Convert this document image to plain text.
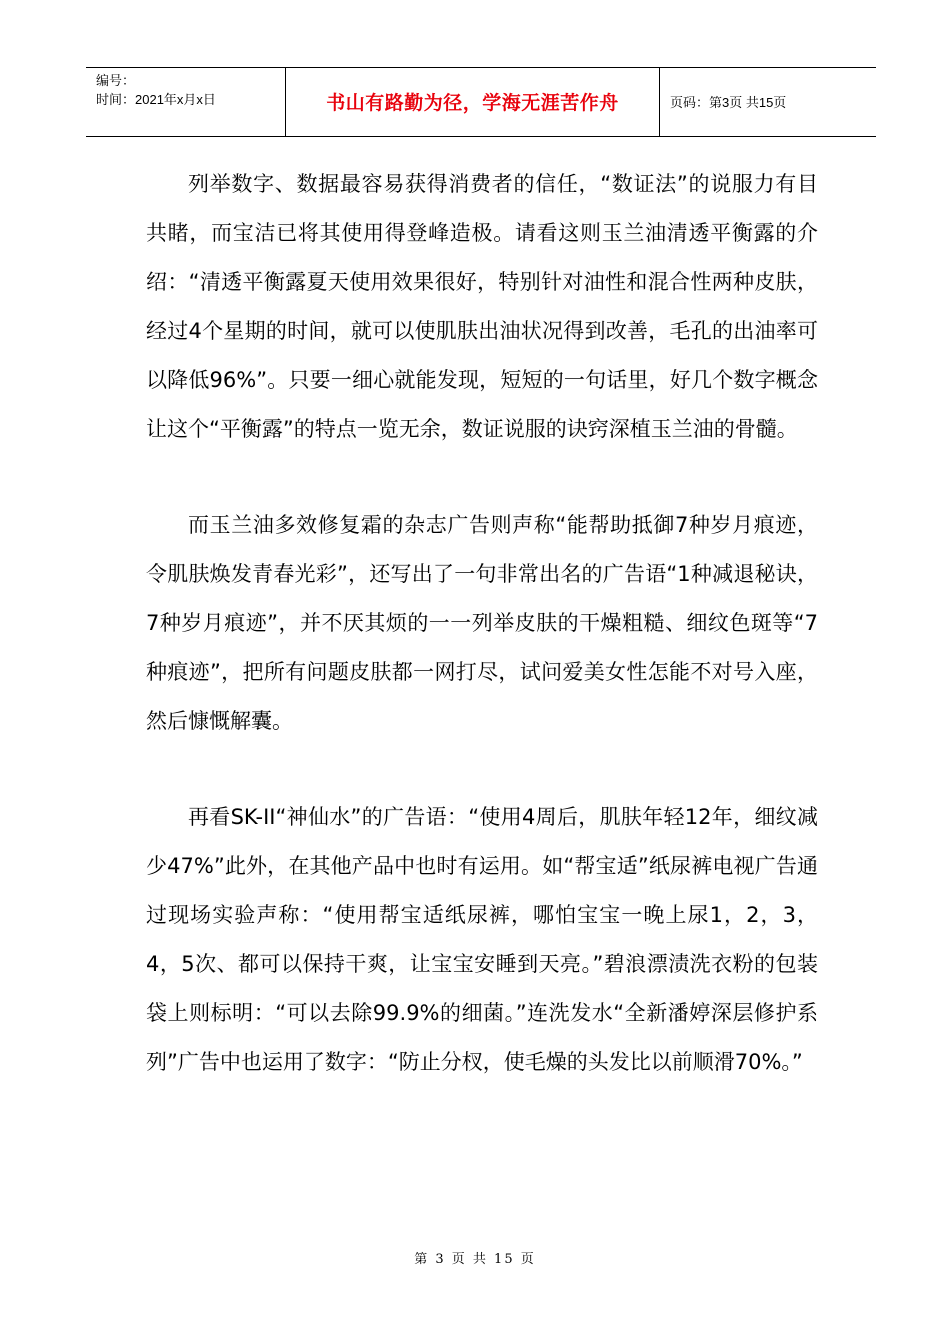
编号：
时间：2021年x月x日	书山有路勤为径，学海无涯苦作舟	页码：第3页 共15页

列举数字、数据最容易获得消费者的信任，“数证法”的说服力有目共睹，而宝洁已将其使用得登峰造极。请看这则玉兰油清透平衡露的介绍：“清透平衡露夏天使用效果很好，特别针对油性和混合性两种皮肤，经过4个星期的时间，就可以使肌肤出油状况得到改善，毛孔的出油率可以降低96%”。只要一细心就能发现，短短的一句话里，好几个数字概念让这个“平衡露”的特点一览无余，数证说服的诀窍深植玉兰油的骨髓。

而玉兰油多效修复霜的杂志广告则声称“能帮助抵御7种岁月痕迹，令肌肤焕发青春光彩”，还写出了一句非常出名的广告语“1种减退秘诀，7种岁月痕迹”，并不厌其烦的一一列举皮肤的干燥粗糙、细纹色斑等“7种痕迹”，把所有问题皮肤都一网打尽，试问爱美女性怎能不对号入座，然后慷慨解囊。

再看SK-II“神仙水”的广告语：“使用4周后，肌肤年轻12年，细纹减少47%”此外，在其他产品中也时有运用。如“帮宝适”纸尿裤电视广告通过现场实验声称：“使用帮宝适纸尿裤，哪怕宝宝一晚上尿1，2，3，4，5次、都可以保持干爽，让宝宝安睡到天亮。”碧浪漂渍洗衣粉的包装袋上则标明：“可以去除99.9%的细菌。”连洗发水“全新潘婷深层修护系列”广告中也运用了数字：“防止分杈，使毛燥的头发比以前顺滑70%。”

第 3 页 共 15 页
